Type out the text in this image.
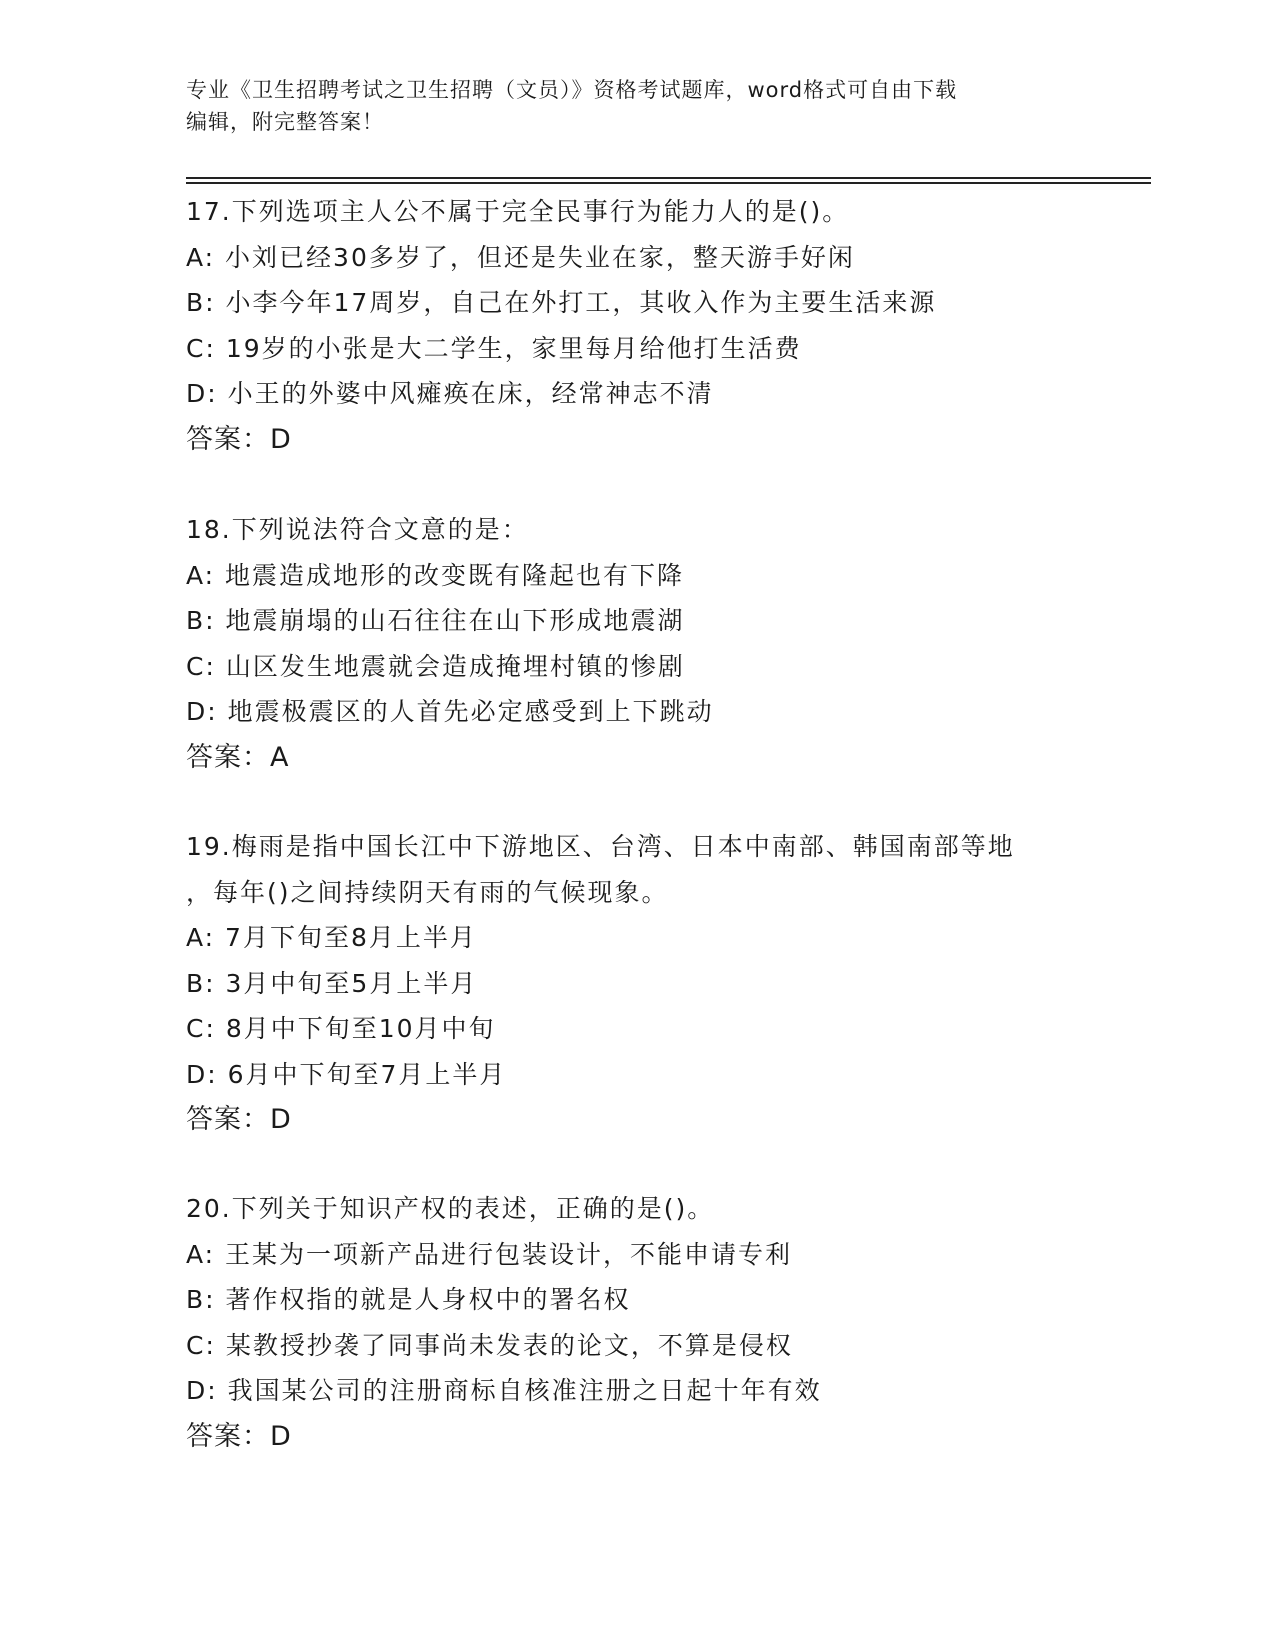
专业《卫生招聘考试之卫生招聘（文员）》资格考试题库，word格式可自由下载
编辑，附完整答案！
17.下列选项主人公不属于完全民事行为能力人的是()。
A: 小刘已经30多岁了，但还是失业在家，整天游手好闲
B: 小李今年17周岁，自己在外打工，其收入作为主要生活来源
C: 19岁的小张是大二学生，家里每月给他打生活费
D: 小王的外婆中风瘫痪在床，经常神志不清
答案：D
18.下列说法符合文意的是：
A: 地震造成地形的改变既有隆起也有下降
B: 地震崩塌的山石往往在山下形成地震湖
C: 山区发生地震就会造成掩埋村镇的惨剧
D: 地震极震区的人首先必定感受到上下跳动
答案：A
19.梅雨是指中国长江中下游地区、台湾、日本中南部、韩国南部等地
，每年()之间持续阴天有雨的气候现象。
A: 7月下旬至8月上半月
B: 3月中旬至5月上半月
C: 8月中下旬至10月中旬
D: 6月中下旬至7月上半月
答案：D
20.下列关于知识产权的表述，正确的是()。
A: 王某为一项新产品进行包装设计，不能申请专利
B: 著作权指的就是人身权中的署名权
C: 某教授抄袭了同事尚未发表的论文，不算是侵权
D: 我国某公司的注册商标自核准注册之日起十年有效
答案：D
